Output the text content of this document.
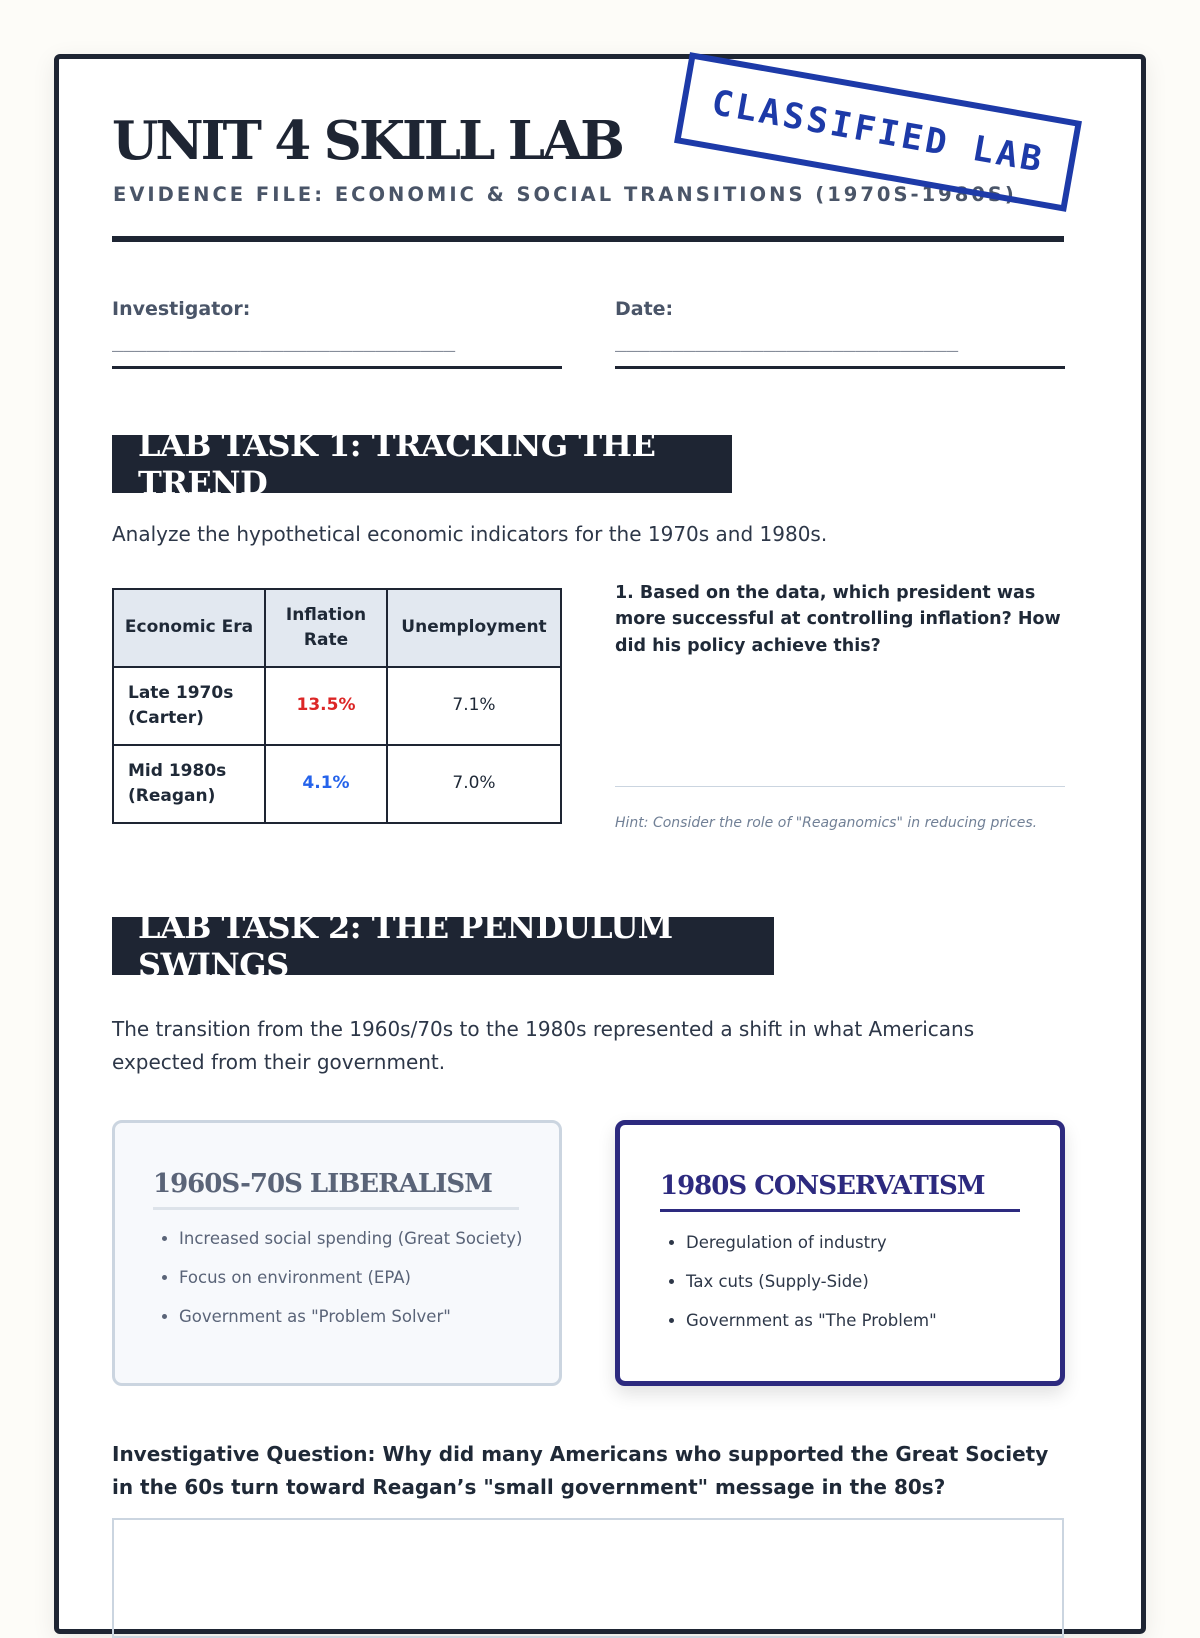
UNIT 4 SKILL LAB
EVIDENCE FILE: ECONOMIC & SOCIAL TRANSITIONS (1970S-1980S)
CLASSIFIED LAB
Investigator:
______________________________
Date:
______________________________
LAB TASK 1: TRACKING THE TREND
Analyze the hypothetical economic indicators for the 1970s and 1980s.
Economic Era	Inflation Rate	Unemployment
Late 1970s (Carter)	13.5%	7.1%
Mid 1980s (Reagan)	4.1%	7.0%
1. Based on the data, which president was more successful at controlling inflation? How did his policy achieve this?
Hint: Consider the role of "Reaganomics" in reducing prices.
LAB TASK 2: THE PENDULUM SWINGS
The transition from the 1960s/70s to the 1980s represented a shift in what Americans expected from their government.
1960S-70S LIBERALISM
• Increased social spending (Great Society)
• Focus on environment (EPA)
• Government as "Problem Solver"
1980S CONSERVATISM
• Deregulation of industry
• Tax cuts (Supply-Side)
• Government as "The Problem"
Investigative Question: Why did many Americans who supported the Great Society in the 60s turn toward Reagan’s "small government" message in the 80s?
